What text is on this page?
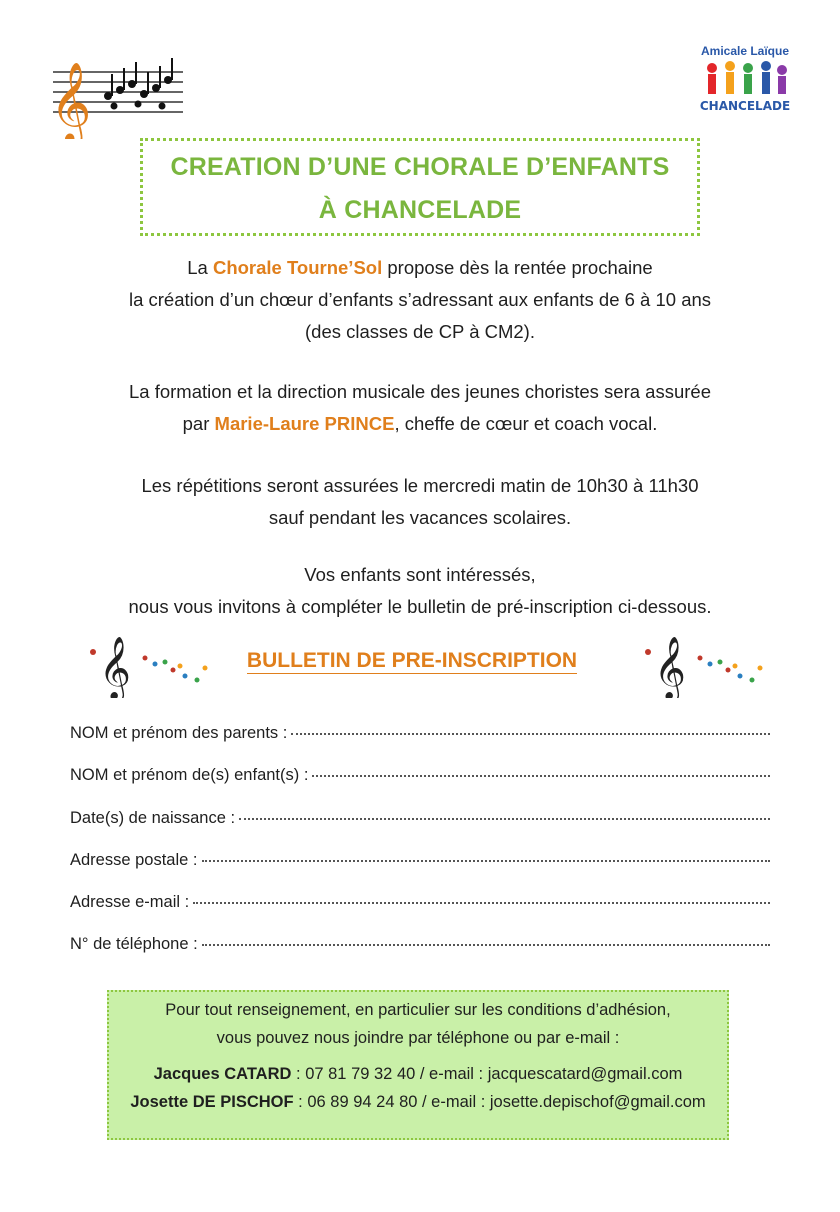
𝄞
Amicale Laïque
CHANCELADE
CREATION D’UNE CHORALE D’ENFANTS
À CHANCELADE
La Chorale Tourne’Sol propose dès la rentée prochaine
la création d’un chœur d’enfants s’adressant aux enfants de 6 à 10 ans
(des classes de CP à CM2).
La formation et la direction musicale des jeunes choristes sera assurée
par Marie-Laure PRINCE, cheffe de cœur et coach vocal.
Les répétitions seront assurées le mercredi matin de 10h30 à 11h30
sauf pendant les vacances scolaires.
Vos enfants sont intéressés,
nous vous invitons à compléter le bulletin de pré-inscription ci-dessous.
𝄞	𝄞
BULLETIN DE PRE-INSCRIPTION
NOM et prénom des parents :
NOM et prénom de(s) enfant(s) :
Date(s) de naissance :
Adresse postale :
Adresse e-mail :
N° de téléphone :
Pour tout renseignement, en particulier sur les conditions d’adhésion,
vous pouvez nous joindre par téléphone ou par e-mail :
Jacques CATARD : 07 81 79 32 40 / e-mail : jacquescatard@gmail.com
Josette DE PISCHOF : 06 89 94 24 80 / e-mail : josette.depischof@gmail.com
